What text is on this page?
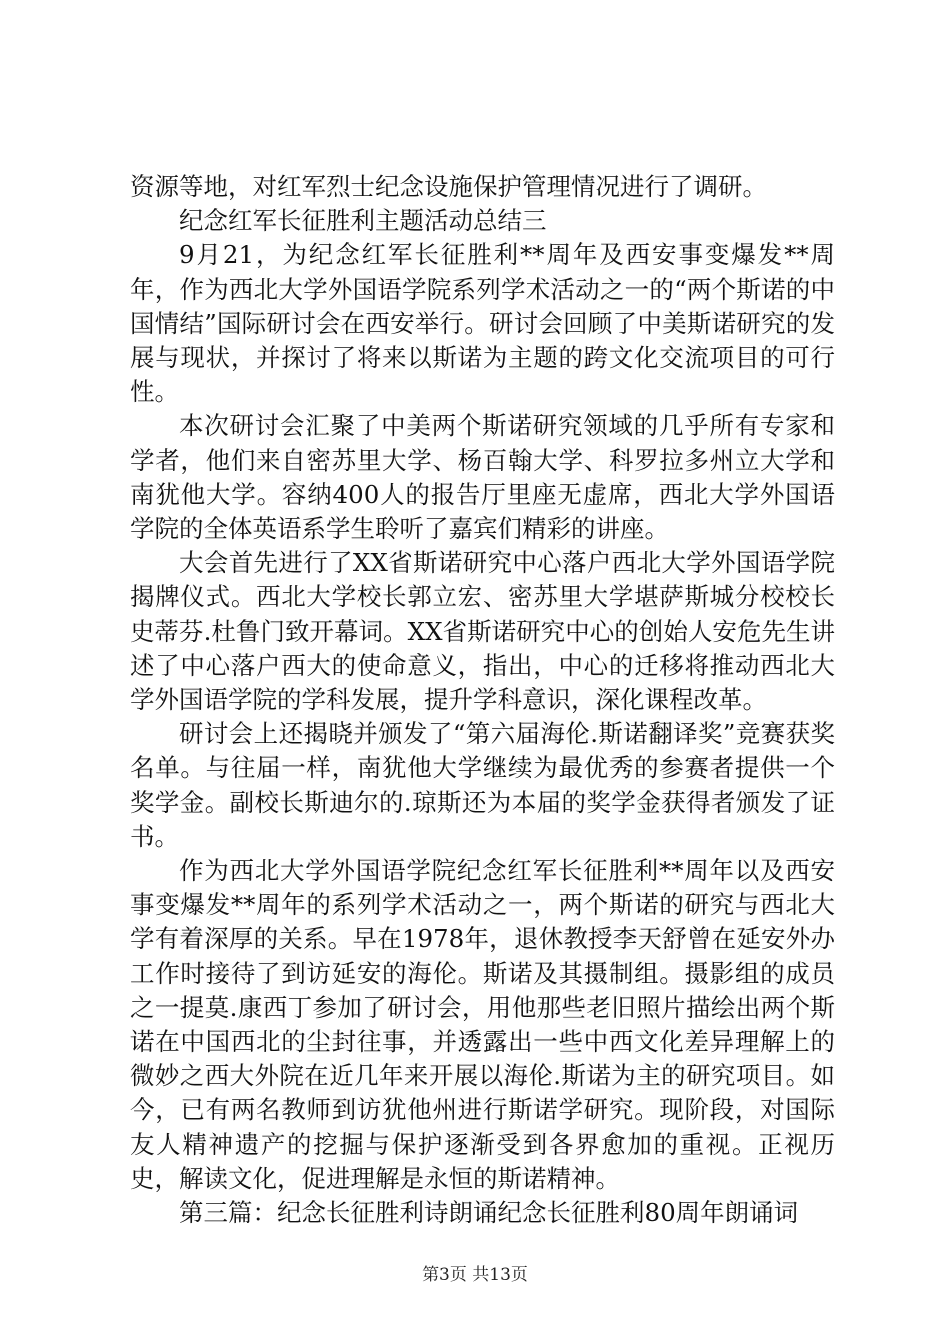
资源等地，对红军烈士纪念设施保护管理情况进行了调研。

纪念红军长征胜利主题活动总结三

9月21，为纪念红军长征胜利**周年及西安事变爆发**周年，作为西北大学外国语学院系列学术活动之一的“两个斯诺的中国情结”国际研讨会在西安举行。研讨会回顾了中美斯诺研究的发展与现状，并探讨了将来以斯诺为主题的跨文化交流项目的可行性。

本次研讨会汇聚了中美两个斯诺研究领域的几乎所有专家和学者，他们来自密苏里大学、杨百翰大学、科罗拉多州立大学和南犹他大学。容纳400人的报告厅里座无虚席，西北大学外国语学院的全体英语系学生聆听了嘉宾们精彩的讲座。

大会首先进行了XX省斯诺研究中心落户西北大学外国语学院揭牌仪式。西北大学校长郭立宏、密苏里大学堪萨斯城分校校长史蒂芬.杜鲁门致开幕词。XX省斯诺研究中心的创始人安危先生讲述了中心落户西大的使命意义，指出，中心的迁移将推动西北大学外国语学院的学科发展，提升学科意识，深化课程改革。

研讨会上还揭晓并颁发了“第六届海伦.斯诺翻译奖”竞赛获奖名单。与往届一样，南犹他大学继续为最优秀的参赛者提供一个奖学金。副校长斯迪尔的.琼斯还为本届的奖学金获得者颁发了证书。

作为西北大学外国语学院纪念红军长征胜利**周年以及西安事变爆发**周年的系列学术活动之一，两个斯诺的研究与西北大学有着深厚的关系。早在1978年，退休教授李天舒曾在延安外办工作时接待了到访延安的海伦。斯诺及其摄制组。摄影组的成员之一提莫.康西丁参加了研讨会，用他那些老旧照片描绘出两个斯诺在中国西北的尘封往事，并透露出一些中西文化差异理解上的微妙之西大外院在近几年来开展以海伦.斯诺为主的研究项目。如今，已有两名教师到访犹他州进行斯诺学研究。现阶段，对国际友人精神遗产的挖掘与保护逐渐受到各界愈加的重视。正视历史，解读文化，促进理解是永恒的斯诺精神。

第三篇：纪念长征胜利诗朗诵纪念长征胜利80周年朗诵词

第3页 共13页
